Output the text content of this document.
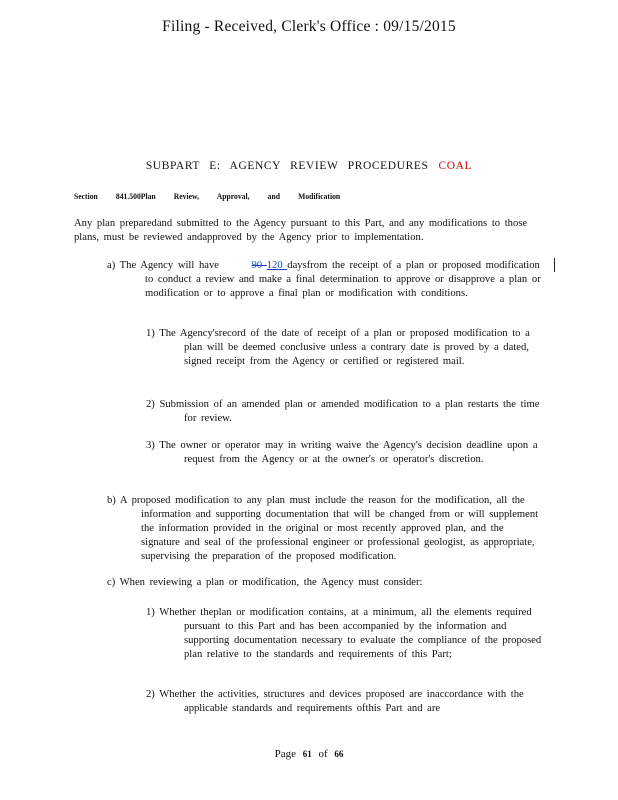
Filing - Received, Clerk's Office : 09/15/2015
SUBPART E: AGENCY REVIEW PROCEDURES COAL
Section 841.500Plan Review, Approval, and Modification

Any plan preparedand submitted to the Agency pursuant to this Part, and any modifications to those plans, must be reviewed andapproved by the Agency prior to implementation.

a) The Agency will have	90 120 daysfrom the receipt of a plan or proposed modification to conduct a review and make a final determination to approve or disapprove a plan or modification or to approve a final plan or modification with conditions.

1) The Agency'srecord of the date of receipt of a plan or proposed modification to a plan will be deemed conclusive unless a contrary date is proved by a dated, signed receipt from the Agency or certified or registered mail.

2) Submission of an amended plan or amended modification to a plan restarts the time for review.

3) The owner or operator may in writing waive the Agency's decision deadline upon a request from the Agency or at the owner's or operator's discretion.

b) A proposed modification to any plan must include the reason for the modification, all the information and supporting documentation that will be changed from or will supplement the information provided in the original or most recently approved plan, and the signature and seal of the professional engineer or professional geologist, as appropriate, supervising the preparation of the proposed modification.

c) When reviewing a plan or modification, the Agency must consider:

1) Whether theplan or modification contains, at a minimum, all the elements required pursuant to this Part and has been accompanied by the information and supporting documentation necessary to evaluate the compliance of the proposed plan relative to the standards and requirements of this Part;

2) Whether the activities, structures and devices proposed are inaccordance with the applicable standards and requirements ofthis Part and are

Page 61 of 66
